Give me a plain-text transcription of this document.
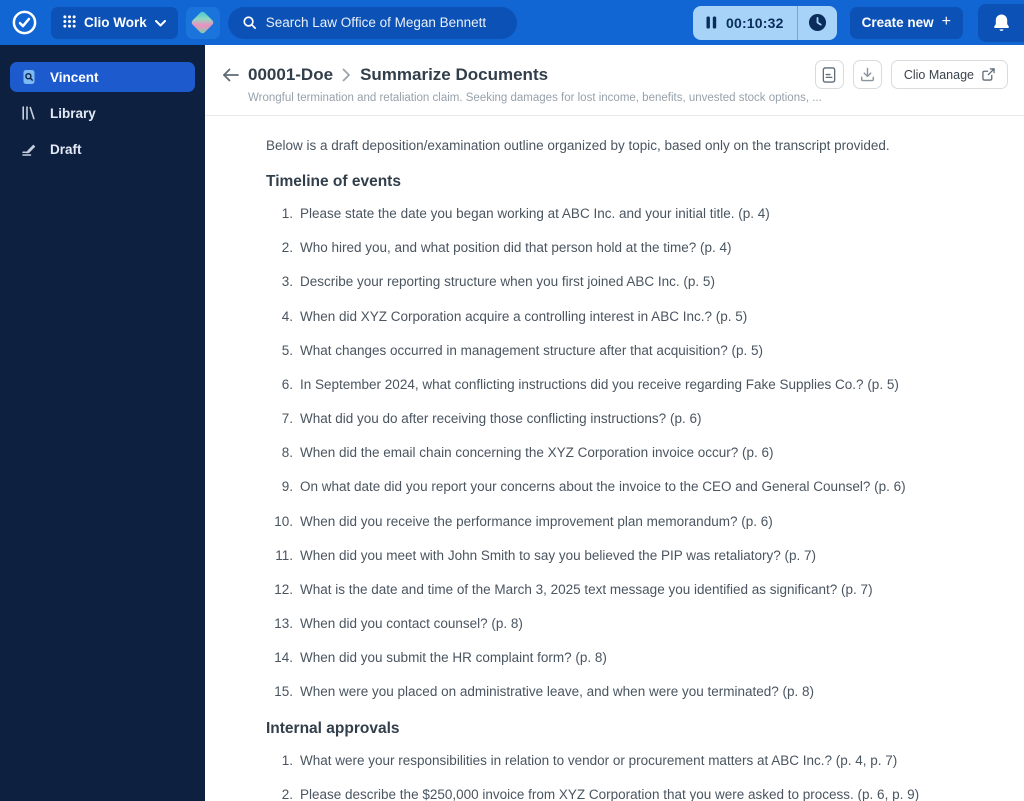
Clio Work
Search Law Office of Megan Bennett	00:10:32	Create new +
Vincent
Library
Draft
00001-Doe Summarize Documents	Clio Manage

Wrongful termination and retaliation claim. Seeking damages for lost income, benefits, unvested stock options, ...

Below is a draft deposition/examination outline organized by topic, based only on the transcript provided.

Timeline of events
1. Please state the date you began working at ABC Inc. and your initial title. (p. 4)
2. Who hired you, and what position did that person hold at the time? (p. 4)
3. Describe your reporting structure when you first joined ABC Inc. (p. 5)
4. When did XYZ Corporation acquire a controlling interest in ABC Inc.? (p. 5)
5. What changes occurred in management structure after that acquisition? (p. 5)
6. In September 2024, what conflicting instructions did you receive regarding Fake Supplies Co.? (p. 5)
7. What did you do after receiving those conflicting instructions? (p. 6)
8. When did the email chain concerning the XYZ Corporation invoice occur? (p. 6)
9. On what date did you report your concerns about the invoice to the CEO and General Counsel? (p. 6)
10. When did you receive the performance improvement plan memorandum? (p. 6)
11. When did you meet with John Smith to say you believed the PIP was retaliatory? (p. 7)
12. What is the date and time of the March 3, 2025 text message you identified as significant? (p. 7)
13. When did you contact counsel? (p. 8)
14. When did you submit the HR complaint form? (p. 8)
15. When were you placed on administrative leave, and when were you terminated? (p. 8)
Internal approvals
1. What were your responsibilities in relation to vendor or procurement matters at ABC Inc.? (p. 4, p. 7)
2. Please describe the $250,000 invoice from XYZ Corporation that you were asked to process. (p. 6, p. 9)
